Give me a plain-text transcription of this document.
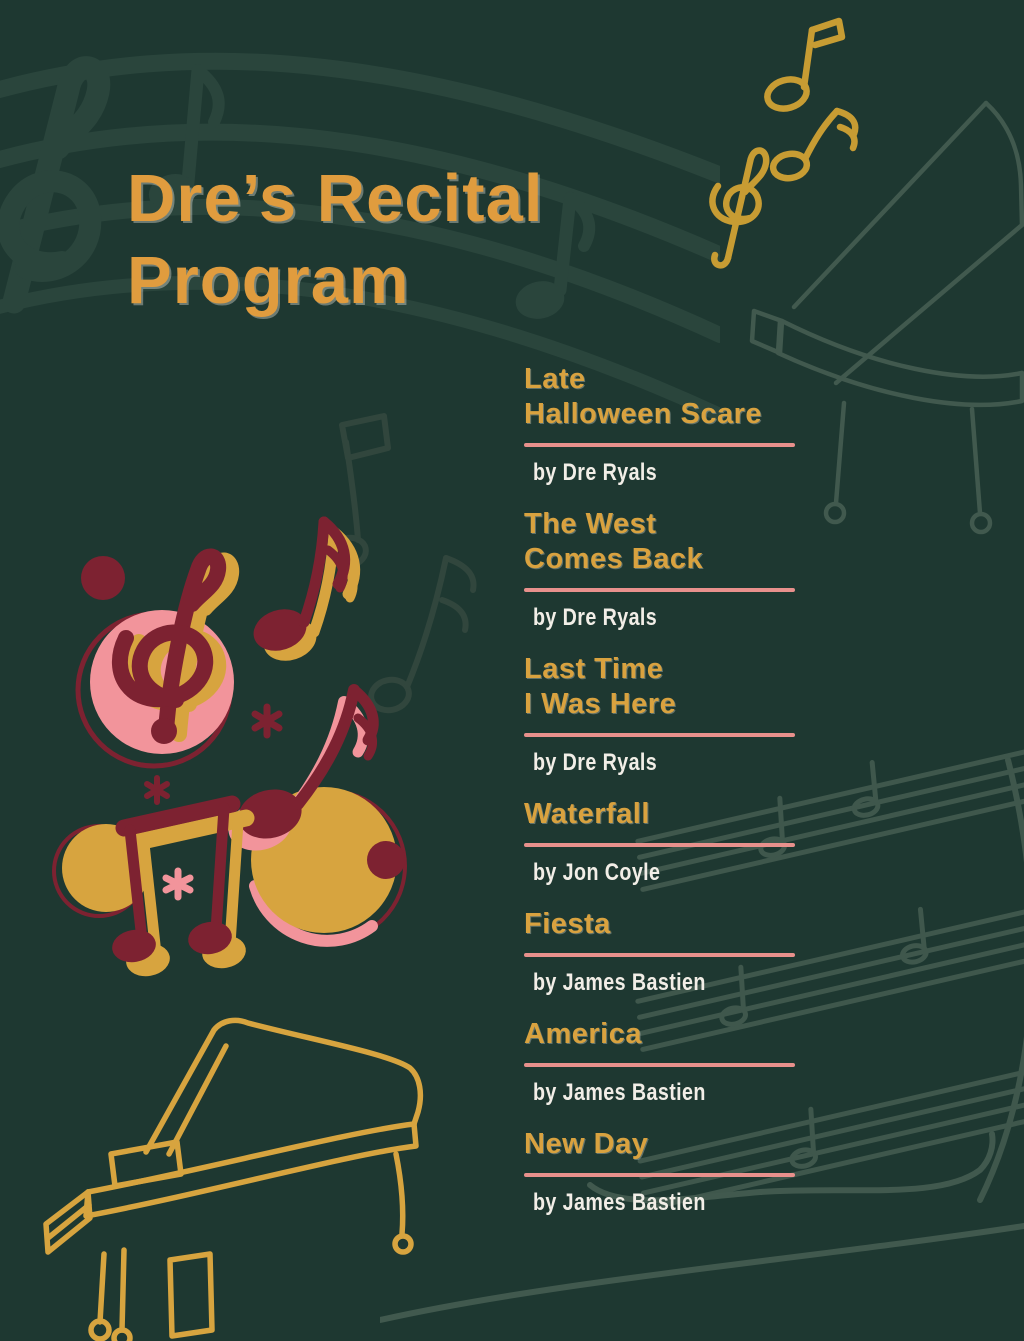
Dre’s Recital
Program
Late
Halloween Scare
by Dre Ryals
The West
Comes Back
by Dre Ryals
Last Time
I Was Here
by Dre Ryals
Waterfall
by Jon Coyle
Fiesta
by James Bastien
America
by James Bastien
New Day
by James Bastien
